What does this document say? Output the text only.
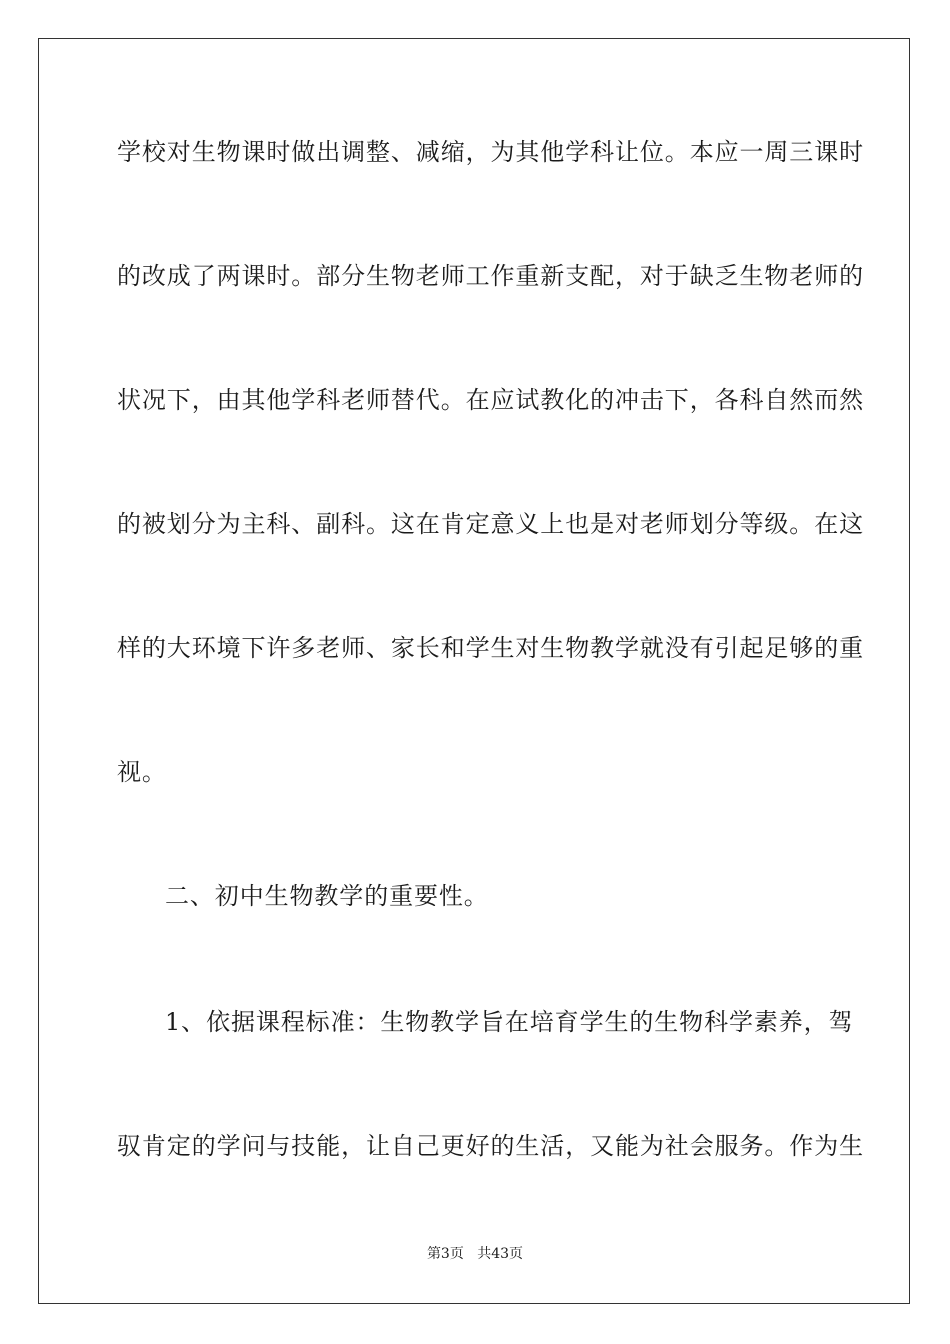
学校对生物课时做出调整、减缩，为其他学科让位。本应一周三课时
的改成了两课时。部分生物老师工作重新支配，对于缺乏生物老师的
状况下，由其他学科老师替代。在应试教化的冲击下，各科自然而然
的被划分为主科、副科。这在肯定意义上也是对老师划分等级。在这
样的大环境下许多老师、家长和学生对生物教学就没有引起足够的重
视。
二、初中生物教学的重要性。
1、依据课程标准：生物教学旨在培育学生的生物科学素养，驾
驭肯定的学问与技能，让自己更好的生活，又能为社会服务。作为生
第3页 共43页
